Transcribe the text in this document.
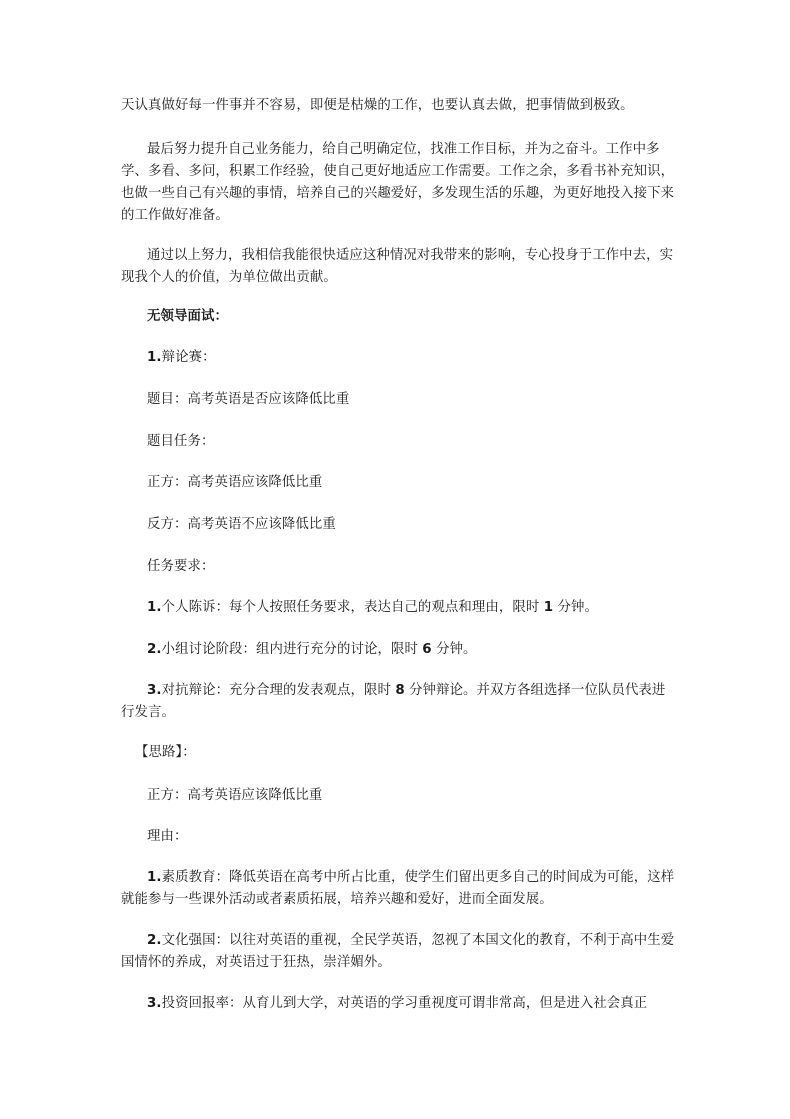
天认真做好每一件事并不容易，即便是枯燥的工作，也要认真去做，把事情做到极致。

最后努力提升自己业务能力，给自己明确定位，找准工作目标，并为之奋斗。工作中多学、多看、多问，积累工作经验，使自己更好地适应工作需要。工作之余，多看书补充知识，也做一些自己有兴趣的事情，培养自己的兴趣爱好，多发现生活的乐趣，为更好地投入接下来的工作做好准备。

通过以上努力，我相信我能很快适应这种情况对我带来的影响，专心投身于工作中去，实现我个人的价值，为单位做出贡献。

无领导面试：

1.辩论赛：

题目：高考英语是否应该降低比重

题目任务：

正方：高考英语应该降低比重

反方：高考英语不应该降低比重

任务要求：

1.个人陈诉：每个人按照任务要求，表达自己的观点和理由，限时 1 分钟。

2.小组讨论阶段：组内进行充分的讨论，限时 6 分钟。

3.对抗辩论：充分合理的发表观点，限时 8 分钟辩论。并双方各组选择一位队员代表进行发言。

【思路】：

正方：高考英语应该降低比重

理由：

1.素质教育：降低英语在高考中所占比重，使学生们留出更多自己的时间成为可能，这样就能参与一些课外活动或者素质拓展，培养兴趣和爱好，进而全面发展。

2.文化强国：以往对英语的重视，全民学英语，忽视了本国文化的教育，不利于高中生爱国情怀的养成，对英语过于狂热，崇洋媚外。

3.投资回报率：从育儿到大学，对英语的学习重视度可谓非常高，但是进入社会真正
